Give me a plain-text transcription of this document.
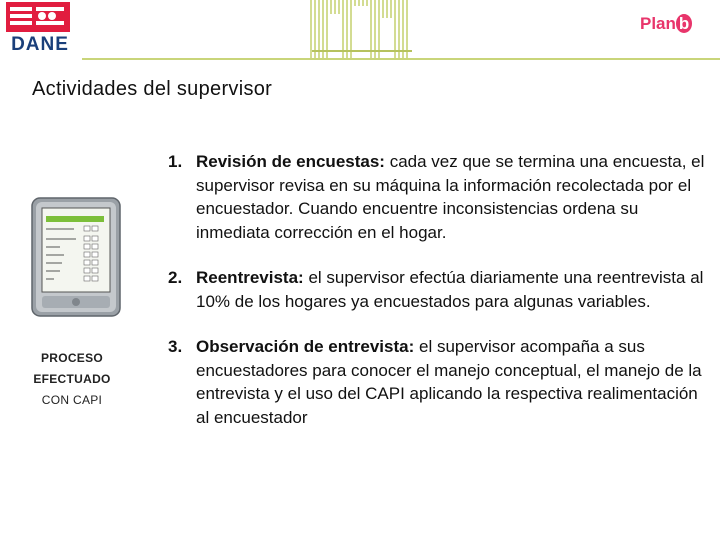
DANE
Plan b
Actividades del supervisor
PROCESO
EFECTUADO
CON CAPI
1. Revisión de encuestas: cada vez que se termina una encuesta, el supervisor revisa en su máquina la información recolectada por el encuestador. Cuando encuentre inconsistencias ordena su inmediata corrección en el hogar.
2. Reentrevista: el supervisor efectúa diariamente una reentrevista al 10% de los hogares ya encuestados para algunas variables.
3. Observación de entrevista: el supervisor acompaña a sus encuestadores para conocer el manejo conceptual, el manejo de la entrevista y el uso del CAPI aplicando la respectiva realimentación al encuestador
